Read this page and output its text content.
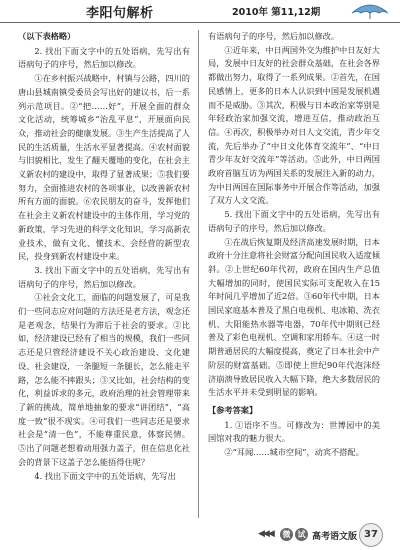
李阳句解析	2010年 第11,12期

（以下表格略）

2. 找出下面文字中的五处语病，先写出有语病句子的序号，然后加以修改。

①在乡村振兴战略中，村镇与公路，四川的唐山县城南镇受委员会写出好的建议书，后一系列示范项目。②“把……好”，开展全面的群众文化活动，统筹城乡“治乱平息”，开展面向民众，推动社会的健康发展。③生产生活提高了人民的生活质量，生活水平显著提高。④农村面貌与旧貌相比，发生了翻天覆地的变化，在社会主义新农村的建设中，取得了显著成果；⑤我们要努力，全面推进农村的各项事业，以改善新农村所有方面的面貌。⑥农民朋友的奋斗，发挥他们在社会主义新农村建设中的主体作用，学习党的新政策，学习先进的科学文化知识，学习高新农业技术，做有文化、懂技术、会经营的新型农民，投身到新农村建设中来。

3. 找出下面文字中的五处语病，先写出有语病句子的序号，然后加以修改。

①社会文化工，面临的问题发展了，可是我们一些同志应对问题的方法还是老方法，观念还是老观念，结果行为滞后于社会的要求。②比如，经济建设已经有了相当的规模，我们一些同志还是只管经济建设不关心政治建设、文化建设、社会建设，一条腿短一条腿长，怎么能走平路，怎么能不摔跟头；③又比如，社会结构的变化，利益诉求的多元，政府治理的社会管理带来了新的挑战，简单地抽象的要求“讲团结”，“高度一致”很不现实。④可我们一些同志还是要求社会是“清一色”，不能尊重民意，体察民情。⑤出了问题老想着动用强力盖子，但在信息化社会的背景下这盖子怎么能捂得住呢？

4. 找出下面文字中的五处语病，先写出

有语病句子的序号，然后加以修改。

①近年来，中日两国外交为维护中日友好大局，发展中日友好的社会群众基础，在社会各界都做出努力，取得了一系列成果。②首先，在国民感情上，更多的日本人认识到中国是发展机遇而不是威胁。③其次，积极与日本政治家等别是年轻政治家加强交流，增进互信，推动政治互信。④再次，积极举办对日人文交流，青少年交流，先后举办了“中日文化体育交流年”、“中日青少年友好交流年”等活动。⑤此外，中日两国政府首脑互访为两国关系的发展注入新的动力，为中日两国在国际事务中开展合作等活动，加强了双方人文交流。

5. 找出下面文字中的五处语病，先写出有语病句子的序号，然后加以修改。

①在战后恢复期及经济高速发展时期，日本政府十分注意将社会财富分配向国民收入适度倾斜。②上世纪60年代初，政府在国内生产总值大幅增加的同时，使国民实际可支配收入在15年时间几乎增加了近2倍。③60年代中期，日本国民家庭基本普及了黑白电视机、电冰箱、洗衣机、大阳能热水器等电器，70年代中期则已经普及了彩色电视机、空调和家用轿车。④这一时期普通居民的大幅度提高，奠定了日本社会中产阶层的财富基础。⑤即使上世纪90年代泡沫经济崩溃导致居民收入大幅下降，绝大多数居民的生活水平并未受到明显的影响。

【参考答案】

1. ①语序不当。可修改为：世博园中的美国馆对我的魅力很大。

②“耳闻……城市空间”，动宾不搭配。

◀◀◀	微 试 高考语文版 37
